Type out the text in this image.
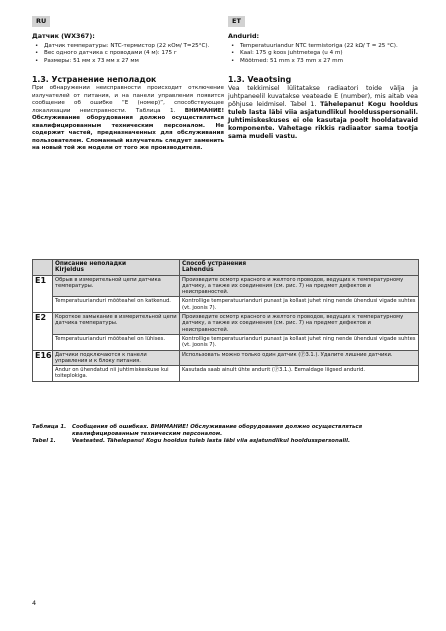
RU	ET
Датчик (WX367):
• Датчик температуры: NTC-термистор (22 кОм/ T=25°C).
• Вес одного датчика с проводами (4 м): 175 г
• Размеры: 51 мм x 73 мм x 27 мм
1.3. Устранение неполадок

При обнаружении неисправности происходит отключение излучателей от питания, и на панели управления появится сообщение об ошибке “E (номер)”, способствующее локализации неисправности. Таблица 1. ВНИМАНИЕ! Обслуживание оборудования должно осуществляться квалифицированным техническим персоналом. Не содержит частей, предназначенных для обслуживания пользователем. Сломанный излучатель следует заменить на новый той же модели от того же производителя.

Andurid:
• Temperatuuriandur NTC termistoriga (22 kΩ/ T = 25 °C).
• Kaal: 175 g koos juhtmetega (u 4 m)
• Mõõtmed: 51 mm x 73 mm x 27 mm
1.3. Veaotsing

Vea tekkimisel lülitatakse radiaatori toide välja ja juhtpaneelil kuvatakse veateade E (number), mis aitab vea põhjuse leidmisel. Tabel 1. Tähelepanu! Kogu hooldus tuleb lasta läbi viia asjatundlikul hooldusspersonalil. Juhtimiskeskuses ei ole kasutaja poolt hooldatavaid komponente. Vahetage rikkis radiaator sama tootja sama mudeli vastu.

	Описание неполадки
Kirjeldus	Способ устранения
Lahendus
E1	Обрыв в измерительной цепи датчика температуры.	Произведите осмотр красного и желтого проводов, ведущих к температурному датчику, а также их соединения (см. рис. 7) на предмет дефектов и неисправностей.
	Temperatuurianduri mõõteahel on katkenud.	Kontrollige temperatuurianduri punast ja kollast juhet ning nende ühendusi vigade suhtes (vt. joonis 7).
E2	Короткое замыкание в измерительной цепи датчика температуры.	Произведите осмотр красного и желтого проводов, ведущих к температурному датчику, а также их соединения (см. рис. 7) на предмет дефектов и неисправностей.
	Temperatuurianduri mõõteahel on lühises.	Kontrollige temperatuurianduri punast ja kollast juhet ning nende ühendusi vigade suhtes (vt. joonis 7).
E16	Датчики подключаются к панели управления и к блоку питания.	Использовать можно только один датчик (Ⓟ3.1.). Удалите лишние датчики.
	Andur on ühendatud nii juhtimiskeskuse kui toiteplokiga.	Kasutada saab ainult ühte andurit (Ⓟ3.1.). Eemaldage liigsed andurid.
Таблица 1.	Сообщения об ошибках. ВНИМАНИЕ! Обслуживание оборудования должно осуществляться квалифицированным техническим персоналом.
Tabel 1.	Veateated. Tähelepanu! Kogu hooldus tuleb lasta läbi viia asjatundlikul hooldusspersonalil.
4
